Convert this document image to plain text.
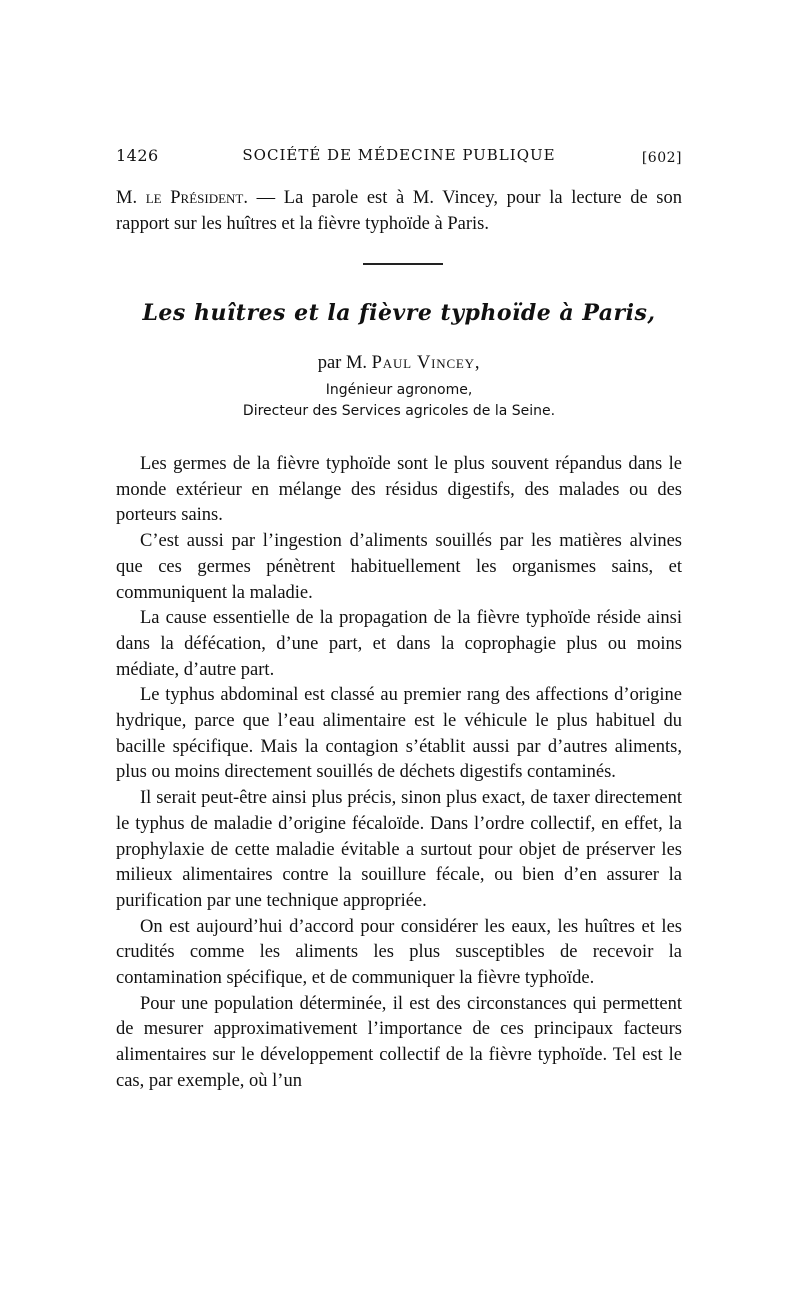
1426	SOCIÉTÉ DE MÉDECINE PUBLIQUE	[602]
M. le Président. — La parole est à M. Vincey, pour la lecture de son rapport sur les huîtres et la fièvre typhoïde à Paris.
Les huîtres et la fièvre typhoïde à Paris,
par M. Paul Vincey,
Ingénieur agronome,
Directeur des Services agricoles de la Seine.

Les germes de la fièvre typhoïde sont le plus souvent répandus dans le monde extérieur en mélange des résidus digestifs, des malades ou des porteurs sains.

C’est aussi par l’ingestion d’aliments souillés par les matières alvines que ces germes pénètrent habituellement les organismes sains, et communiquent la maladie.

La cause essentielle de la propagation de la fièvre typhoïde réside ainsi dans la défécation, d’une part, et dans la coprophagie plus ou moins médiate, d’autre part.

Le typhus abdominal est classé au premier rang des affections d’origine hydrique, parce que l’eau alimentaire est le véhicule le plus habituel du bacille spécifique. Mais la contagion s’établit aussi par d’autres aliments, plus ou moins directement souillés de déchets digestifs contaminés.

Il serait peut-être ainsi plus précis, sinon plus exact, de taxer directement le typhus de maladie d’origine fécaloïde. Dans l’ordre collectif, en effet, la prophylaxie de cette maladie évitable a surtout pour objet de préserver les milieux alimentaires contre la souillure fécale, ou bien d’en assurer la purification par une technique appropriée.

On est aujourd’hui d’accord pour considérer les eaux, les huîtres et les crudités comme les aliments les plus susceptibles de recevoir la contamination spécifique, et de communiquer la fièvre typhoïde.

Pour une population déterminée, il est des circonstances qui permettent de mesurer approximativement l’importance de ces principaux facteurs alimentaires sur le développement collectif de la fièvre typhoïde. Tel est le cas, par exemple, où l’un
